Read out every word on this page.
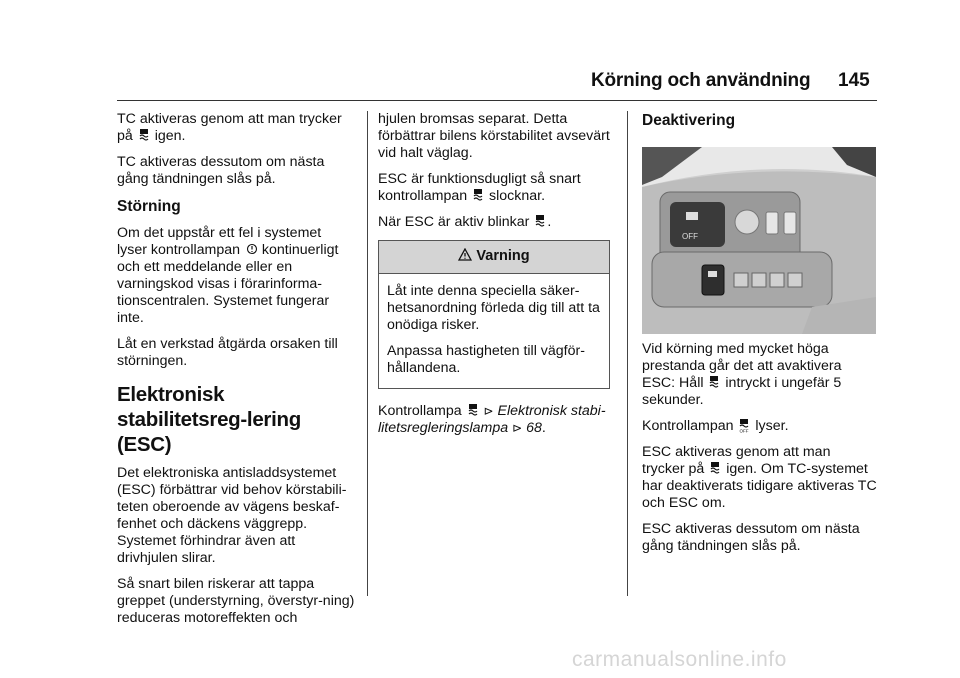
Körning och användning 145

TC aktiveras genom att man trycker
på igen.

TC aktiveras dessutom om nästa gång tändningen slås på.

Störning

Om det uppstår ett fel i systemet
lyser kontrollampan kontinuerligt
och ett meddelande eller en varningskod visas i förarinforma-tionscentralen. Systemet fungerar inte.

Låt en verkstad åtgärda orsaken till störningen.

Elektronisk stabilitetsreg-lering (ESC)

Det elektroniska antisladdsystemet (ESC) förbättrar vid behov körstabili-teten oberoende av vägens beskaf-fenhet och däckens väggrepp. Systemet förhindrar även att drivhjulen slirar.

Så snart bilen riskerar att tappa greppet (understyrning, överstyr-ning) reduceras motoreffekten och

hjulen bromsas separat. Detta förbättrar bilens körstabilitet avsevärt vid halt väglag.

ESC är funktionsdugligt så snart
kontrollampan slocknar.

När ESC är aktiv blinkar .

Varning

Låt inte denna speciella säker-hetsanordning förleda dig till att ta onödiga risker.

Anpassa hastigheten till vägför-hållandena.

Kontrollampa ⊳ Elektronisk stabi-
litetsregleringslampa ⊳ 68.

Deaktivering
OFF

Vid körning med mycket höga prestanda går det att avaktivera
ESC: Håll intryckt i ungefär 5
sekunder.

Kontrollampan OFF lyser.

ESC aktiveras genom att man
trycker på igen. Om TC-systemet
har deaktiverats tidigare aktiveras TC och ESC om.

ESC aktiveras dessutom om nästa gång tändningen slås på.

carmanualsonline.info
